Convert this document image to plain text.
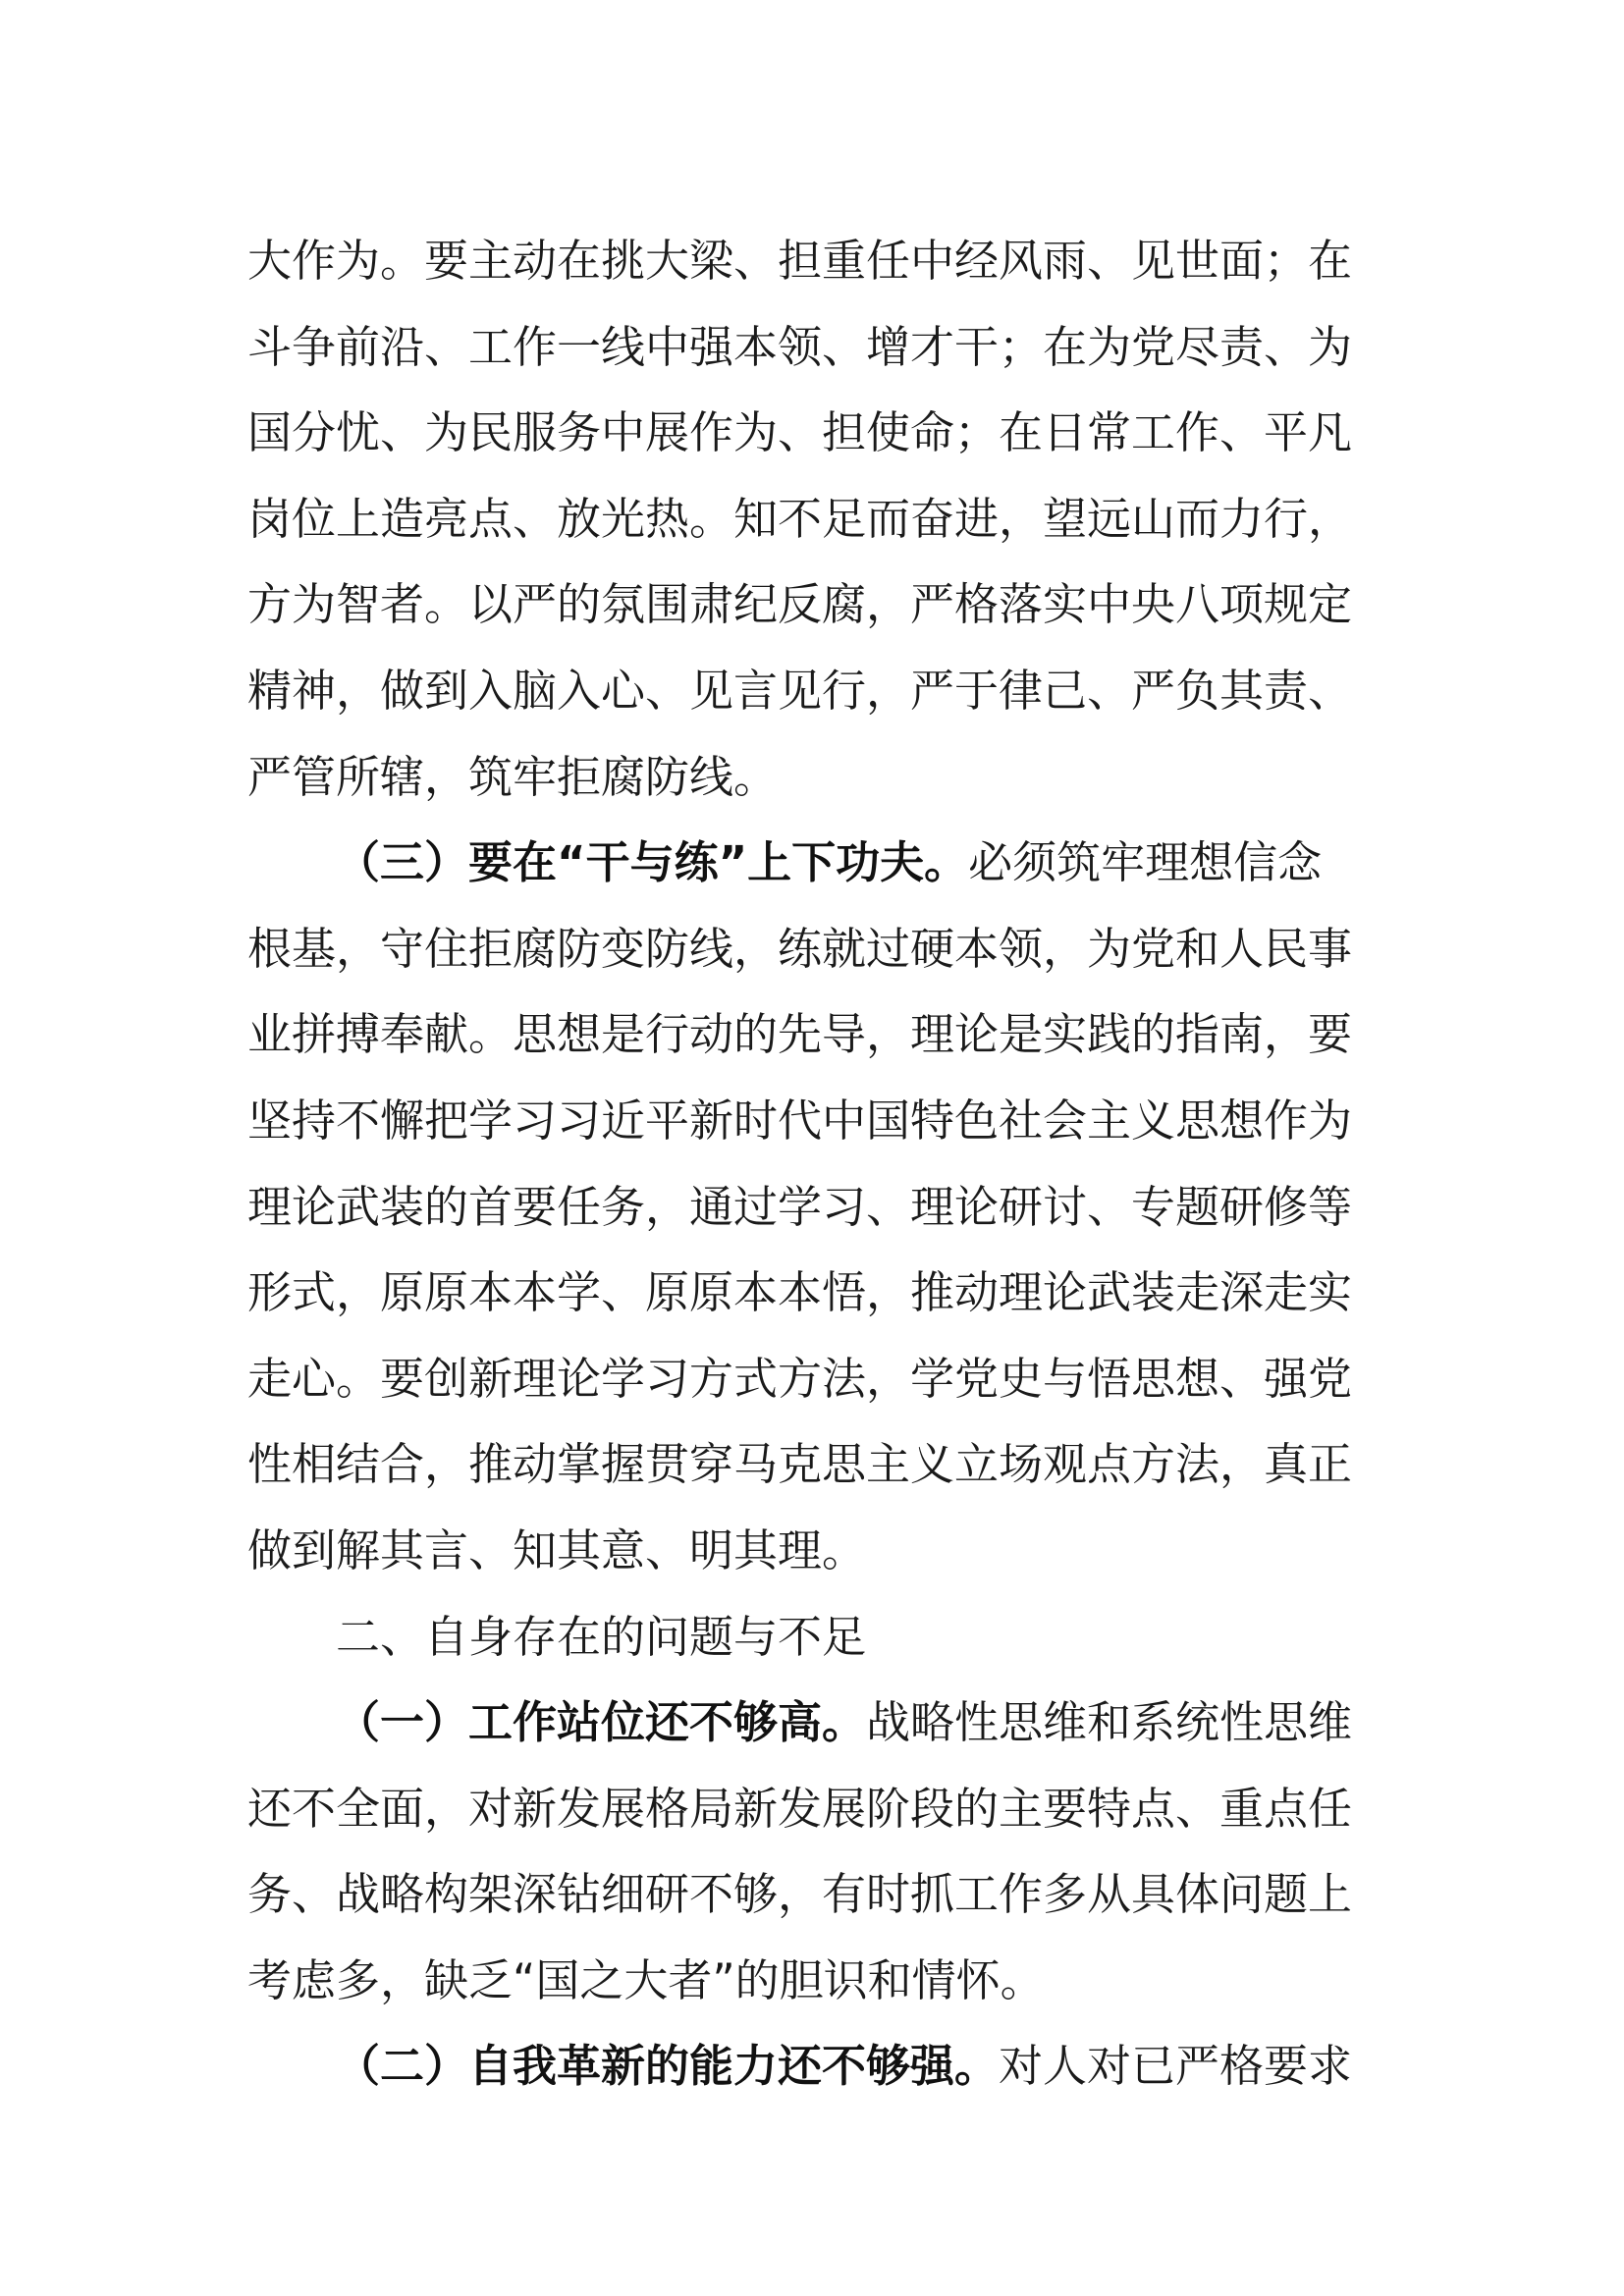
大作为。要主动在挑大梁、担重任中经风雨、见世面；在
斗争前沿、工作一线中强本领、增才干；在为党尽责、为
国分忧、为民服务中展作为、担使命；在日常工作、平凡
岗位上造亮点、放光热。知不足而奋进，望远山而力行，
方为智者。以严的氛围肃纪反腐，严格落实中央八项规定
精神，做到入脑入心、见言见行，严于律己、严负其责、
严管所辖，筑牢拒腐防线。
（三）要在“干与练”上下功夫。必须筑牢理想信念
根基，守住拒腐防变防线，练就过硬本领，为党和人民事
业拼搏奉献。思想是行动的先导，理论是实践的指南，要
坚持不懈把学习习近平新时代中国特色社会主义思想作为
理论武装的首要任务，通过学习、理论研讨、专题研修等
形式，原原本本学、原原本本悟，推动理论武装走深走实
走心。要创新理论学习方式方法，学党史与悟思想、强党
性相结合，推动掌握贯穿马克思主义立场观点方法，真正
做到解其言、知其意、明其理。
二、自身存在的问题与不足
（一）工作站位还不够高。战略性思维和系统性思维
还不全面，对新发展格局新发展阶段的主要特点、重点任
务、战略构架深钻细研不够，有时抓工作多从具体问题上
考虑多，缺乏“国之大者”的胆识和情怀。
（二）自我革新的能力还不够强。对人对已严格要求
